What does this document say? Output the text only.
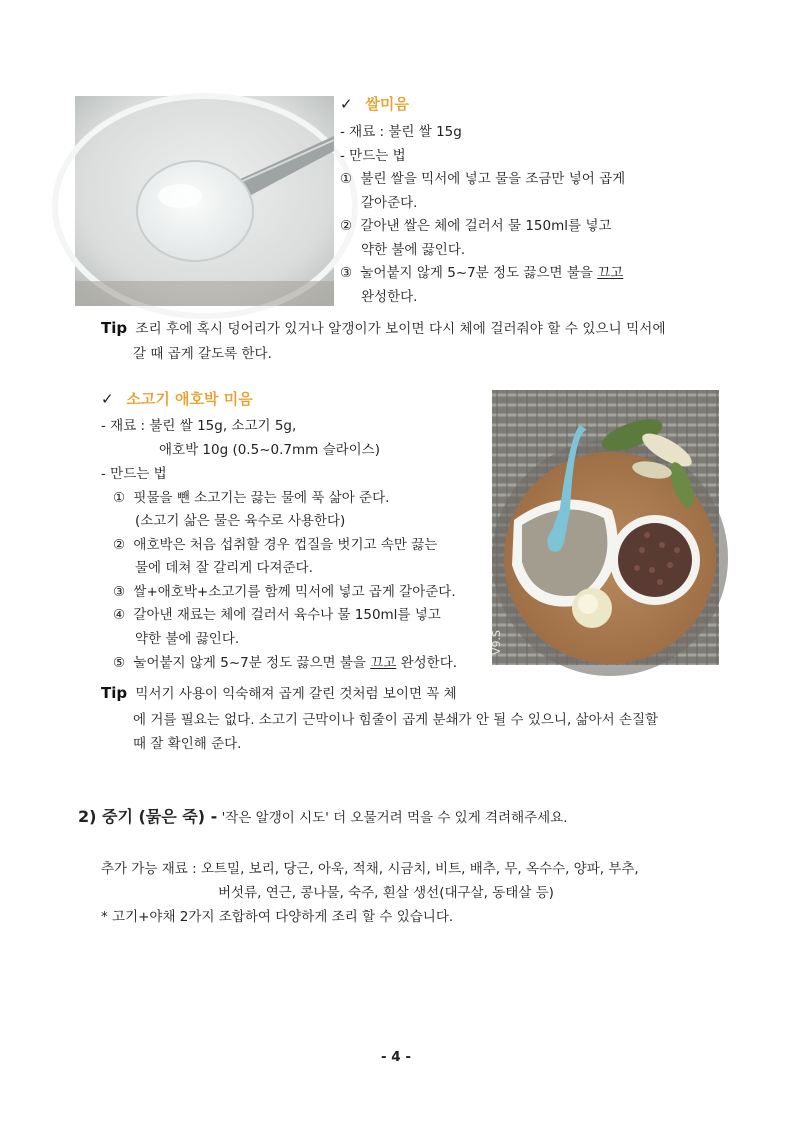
✓ 쌀미음
- 재료 : 불린 쌀 15g
- 만드는 법
① 불린 쌀을 믹서에 넣고 물을 조금만 넣어 곱게
갈아준다.
② 갈아낸 쌀은 체에 걸러서 물 150ml를 넣고
약한 불에 끓인다.
③ 눌어붙지 않게 5~7분 정도 끓으면 불을 끄고
완성한다.
Tip 조리 후에 혹시 덩어리가 있거나 알갱이가 보이면 다시 체에 걸러줘야 할 수 있으니 믹서에
갈 때 곱게 갈도록 한다.
✓ 소고기 애호박 미음
- 재료 : 불린 쌀 15g, 소고기 5g,
애호박 10g (0.5~0.7mm 슬라이스)
- 만드는 법
① 핏물을 뺀 소고기는 끓는 물에 푹 삶아 준다.
(소고기 삶은 물은 육수로 사용한다)
② 애호박은 처음 섭취할 경우 껍질을 벗기고 속만 끓는
물에 데쳐 잘 갈리게 다져준다.
③ 쌀+애호박+소고기를 함께 믹서에 넣고 곱게 갈아준다.
④ 갈아낸 재료는 체에 걸러서 육수나 물 150ml를 넣고
약한 불에 끓인다.
⑤ 눌어붙지 않게 5~7분 정도 끓으면 불을 끄고 완성한다.
Tip 믹서기 사용이 익숙해져 곱게 갈린 것처럼 보이면 꼭 체
에 거를 필요는 없다. 소고기 근막이나 힘줄이 곱게 분쇄가 안 될 수 있으니, 삶아서 손질할
때 잘 확인해 준다.
V9.S
2) 중기 (묽은 죽) - '작은 알갱이 시도' 더 오물거려 먹을 수 있게 격려해주세요.
추가 가능 재료 : 오트밀, 보리, 당근, 아욱, 적채, 시금치, 비트, 배추, 무, 옥수수, 양파, 부추,
버섯류, 연근, 콩나물, 숙주, 흰살 생선(대구살, 동태살 등)
* 고기+야채 2가지 조합하여 다양하게 조리 할 수 있습니다.
- 4 -
